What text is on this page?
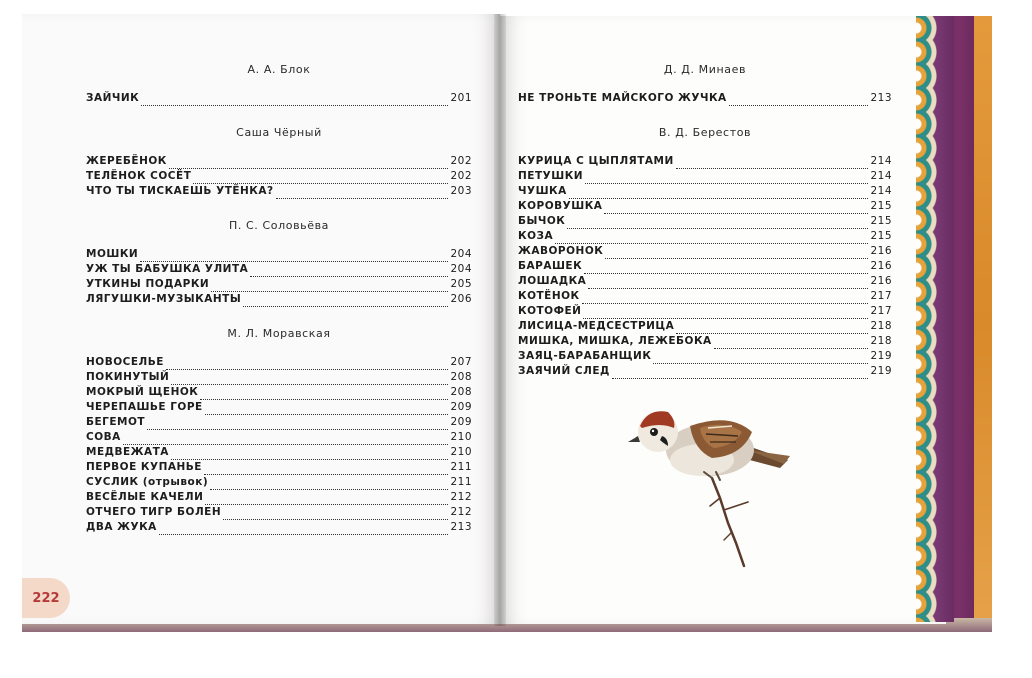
222
А. А. Блок
ЗАЙЧИК	201
Саша Чёрный
ЖЕРЕБЁНОК	202
ТЕЛЁНОК СОСЁТ	202
ЧТО ТЫ ТИСКАЕШЬ УТЁНКА?	203
П. С. Соловьёва
МОШКИ	204
УЖ ТЫ БАБУШКА УЛИТА	204
УТКИНЫ ПОДАРКИ	205
ЛЯГУШКИ-МУЗЫКАНТЫ	206
М. Л. Моравская
НОВОСЕЛЬЕ	207
ПОКИНУТЫЙ	208
МОКРЫЙ ЩЕНОК	208
ЧЕРЕПАШЬЕ ГОРЕ	209
БЕГЕМОТ	209
СОВА	210
МЕДВЕЖАТА	210
ПЕРВОЕ КУПАНЬЕ	211
СУСЛИК (отрывок)	211
ВЕСЁЛЫЕ КАЧЕЛИ	212
ОТЧЕГО ТИГР БОЛЕН	212
ДВА ЖУКА	213
Д. Д. Минаев
НЕ ТРОНЬТЕ МАЙСКОГО ЖУЧКА	213
В. Д. Берестов
КУРИЦА С ЦЫПЛЯТАМИ	214
ПЕТУШКИ	214
ЧУШКА	214
КОРОВУШКА	215
БЫЧОК	215
КОЗА	215
ЖАВОРОНОК	216
БАРАШЕК	216
ЛОШАДКА	216
КОТЁНОК	217
КОТОФЕЙ	217
ЛИСИЦА-МЕДСЕСТРИЦА	218
МИШКА, МИШКА, ЛЕЖЕБОКА	218
ЗАЯЦ-БАРАБАНЩИК	219
ЗАЯЧИЙ СЛЕД	219
